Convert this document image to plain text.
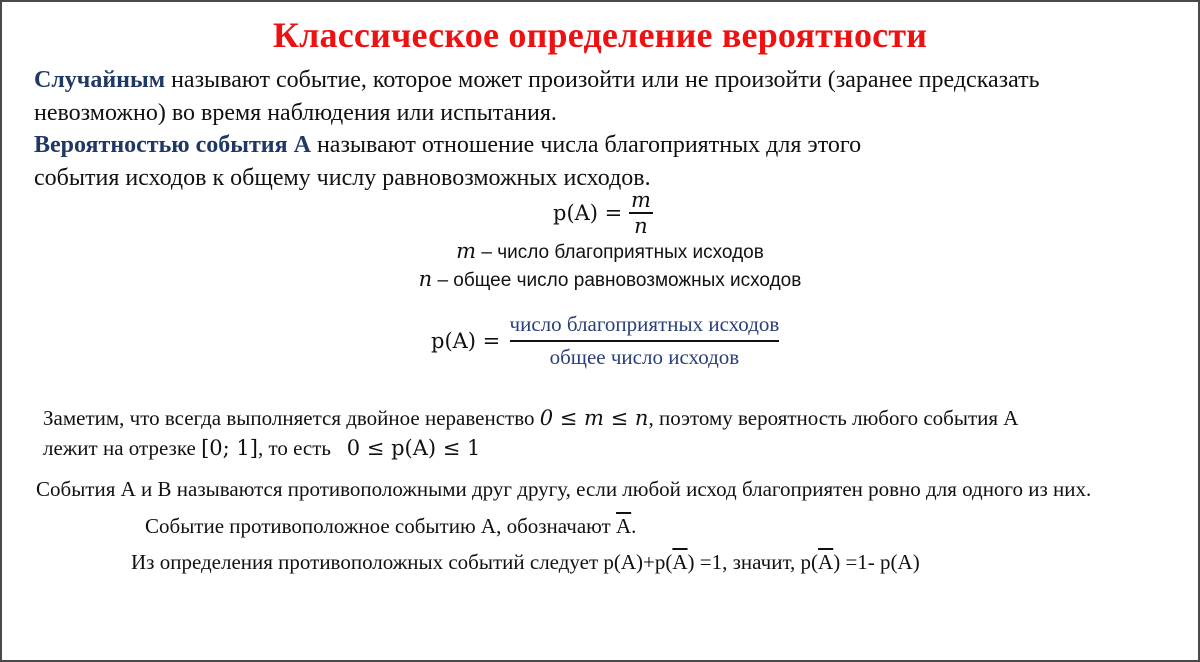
Классическое определение вероятности
Случайным называют событие, которое может произойти или не произойти (заранее предсказать
невозможно) во время наблюдения или испытания.
Вероятностью события А называют отношение числа благоприятных для этого
события исходов к общему числу равновозможных исходов.
$p(A) = \frac{m}{n}$
m – число благоприятных исходов
n – общее число равновозможных исходов
$p(A) = \frac{\text{число благоприятных исходов}}{\text{общее число исходов}}$
Заметим, что всегда выполняется двойное неравенство 0 ≤ m ≤ n, поэтому вероятность любого события А
лежит на отрезке [0; 1], то есть   0 ≤ p(A) ≤ 1
События А и В называются противоположными друг другу, если любой исход благоприятен ровно для одного из них.
Событие противоположное событию А, обозначают $\overline{A}$.
Из определения противоположных событий следует $p(A)+p(\overline{A}) =1$, значит, $p(\overline{A}) =1-$ p(A)
